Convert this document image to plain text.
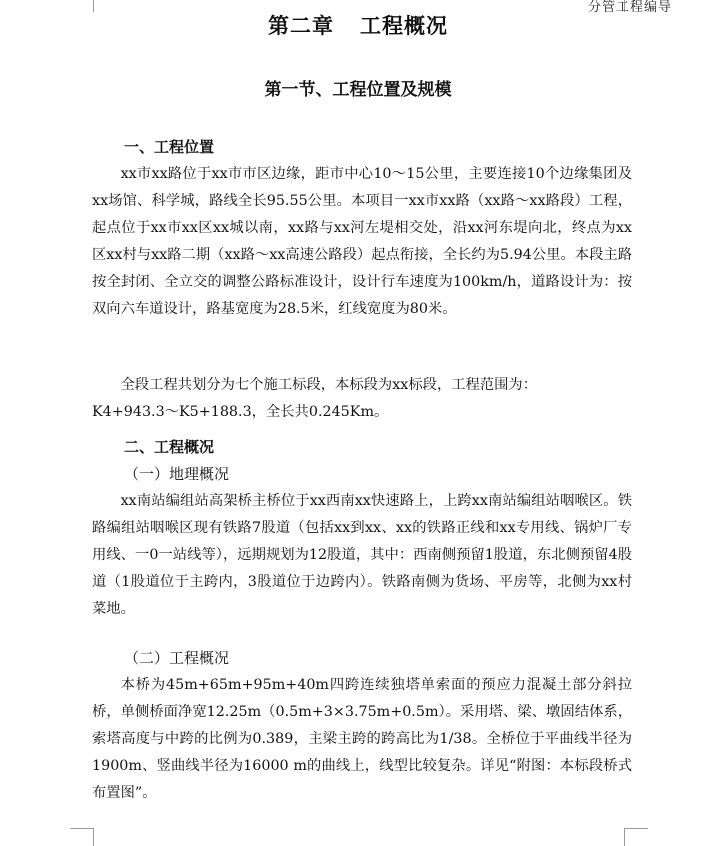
分管工程编导
第二章 工程概况
第一节、工程位置及规模
一、工程位置

xx市xx路位于xx市市区边缘，距市中心10～15公里，主要连接10个边缘集团及xx场馆、科学城，路线全长95.55公里。本项目一xx市xx路（xx路～xx路段）工程，起点位于xx市xx区xx城以南，xx路与xx河左堤相交处，沿xx河东堤向北，终点为xx区xx村与xx路二期（xx路～xx高速公路段）起点衔接，全长约为5.94公里。本段主路按全封闭、全立交的调整公路标准设计，设计行车速度为100km/h，道路设计为：按双向六车道设计，路基宽度为28.5米，红线宽度为80米。

全段工程共划分为七个施工标段，本标段为xx标段，工程范围为：

K4+943.3～K5+188.3，全长共0.245Km。

二、工程概况
（一）地理概况

xx南站编组站高架桥主桥位于xx西南xx快速路上，上跨xx南站编组站咽喉区。铁路编组站咽喉区现有铁路7股道（包括xx到xx、xx的铁路正线和xx专用线、锅炉厂专用线、一0一站线等），远期规划为12股道，其中：西南侧预留1股道，东北侧预留4股道（1股道位于主跨内，3股道位于边跨内）。铁路南侧为货场、平房等，北侧为xx村菜地。

（二）工程概况

本桥为45m+65m+95m+40m四跨连续独塔单索面的预应力混凝土部分斜拉桥，单侧桥面净宽12.25m（0.5m+3×3.75m+0.5m）。采用塔、梁、墩固结体系，索塔高度与中跨的比例为0.389，主梁主跨的跨高比为1/38。全桥位于平曲线半径为1900m、竖曲线半径为16000 m的曲线上，线型比较复杂。详见“附图：本标段桥式布置图”。
